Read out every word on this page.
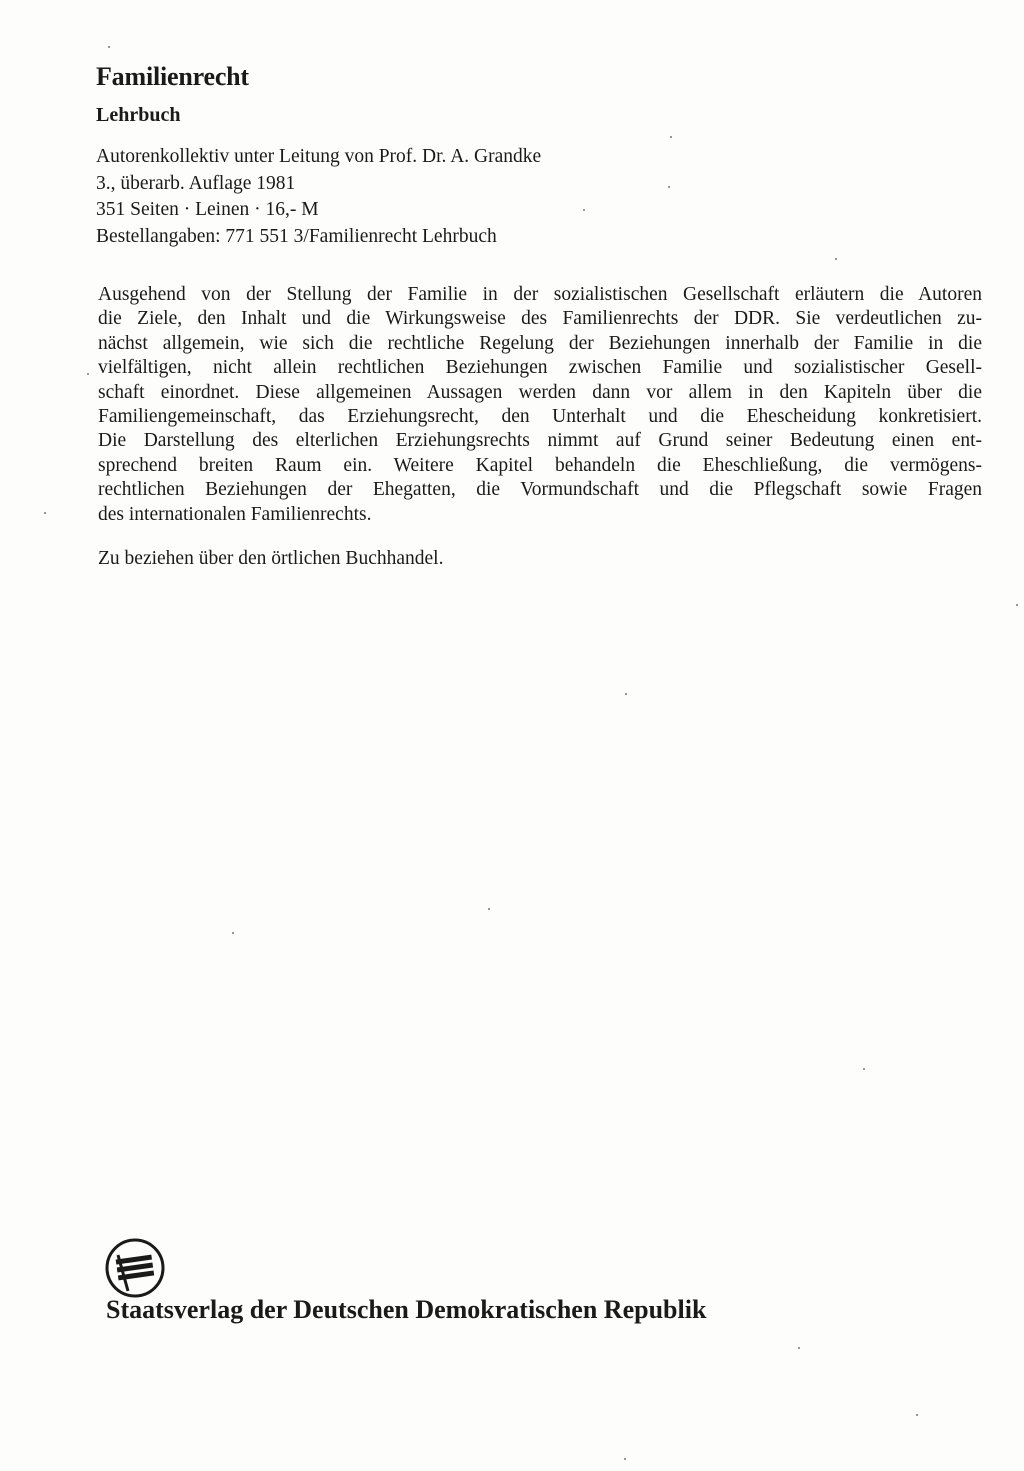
Familienrecht
Lehrbuch
Autorenkollektiv unter Leitung von Prof. Dr. A. Grandke
3., überarb. Auflage 1981
351 Seiten · Leinen · 16,- M
Bestellangaben: 771 551 3/Familienrecht Lehrbuch
Ausgehend von der Stellung der Familie in der sozialistischen Gesellschaft erläutern die Autoren
die Ziele, den Inhalt und die Wirkungsweise des Familienrechts der DDR. Sie verdeutlichen zu-
nächst allgemein, wie sich die rechtliche Regelung der Beziehungen innerhalb der Familie in die
vielfältigen, nicht allein rechtlichen Beziehungen zwischen Familie und sozialistischer Gesell-
schaft einordnet. Diese allgemeinen Aussagen werden dann vor allem in den Kapiteln über die
Familiengemeinschaft, das Erziehungsrecht, den Unterhalt und die Ehescheidung konkretisiert.
Die Darstellung des elterlichen Erziehungsrechts nimmt auf Grund seiner Bedeutung einen ent-
sprechend breiten Raum ein. Weitere Kapitel behandeln die Eheschließung, die vermögens-
rechtlichen Beziehungen der Ehegatten, die Vormundschaft und die Pflegschaft sowie Fragen
des internationalen Familienrechts.

Zu beziehen über den örtlichen Buchhandel.

Staatsverlag der Deutschen Demokratischen Republik
